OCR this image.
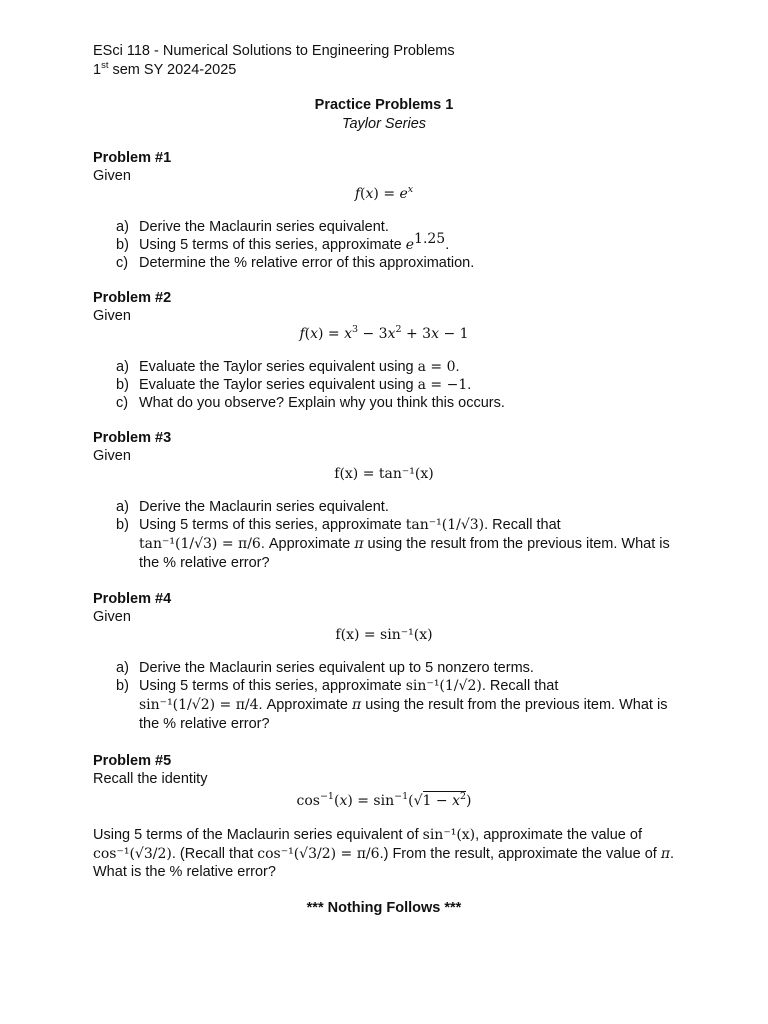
ESci 118 - Numerical Solutions to Engineering Problems
1st sem SY 2024-2025
Practice Problems 1
Taylor Series
Problem #1
Given
$f(x) = e^x$
a) Derive the Maclaurin series equivalent.
b) Using 5 terms of this series, approximate $e^{1.25}$.
c) Determine the % relative error of this approximation.
Problem #2
Given
$f(x) = x^3 - 3x^2 + 3x - 1$
a) Evaluate the Taylor series equivalent using a = 0.
b) Evaluate the Taylor series equivalent using a = −1.
c) What do you observe? Explain why you think this occurs.
Problem #3
Given
f(x) = tan⁻¹(x)
a) Derive the Maclaurin series equivalent.
b) Using 5 terms of this series, approximate tan⁻¹(1/√3). Recall that
tan⁻¹(1/√3) = π/6. Approximate π using the result from the previous item. What is the % relative error?
Problem #4
Given
f(x) = sin⁻¹(x)
a) Derive the Maclaurin series equivalent up to 5 nonzero terms.
b) Using 5 terms of this series, approximate sin⁻¹(1/√2). Recall that
sin⁻¹(1/√2) = π/4. Approximate π using the result from the previous item. What is the % relative error?
Problem #5
Recall the identity
$\cos^{-1}(x) = \sin^{-1}(√1 - x^2)$
Using 5 terms of the Maclaurin series equivalent of sin⁻¹(x), approximate the value of cos⁻¹(√3/2). (Recall that cos⁻¹(√3/2) = π/6.) From the result, approximate the value of π. What is the % relative error?
*** Nothing Follows ***
